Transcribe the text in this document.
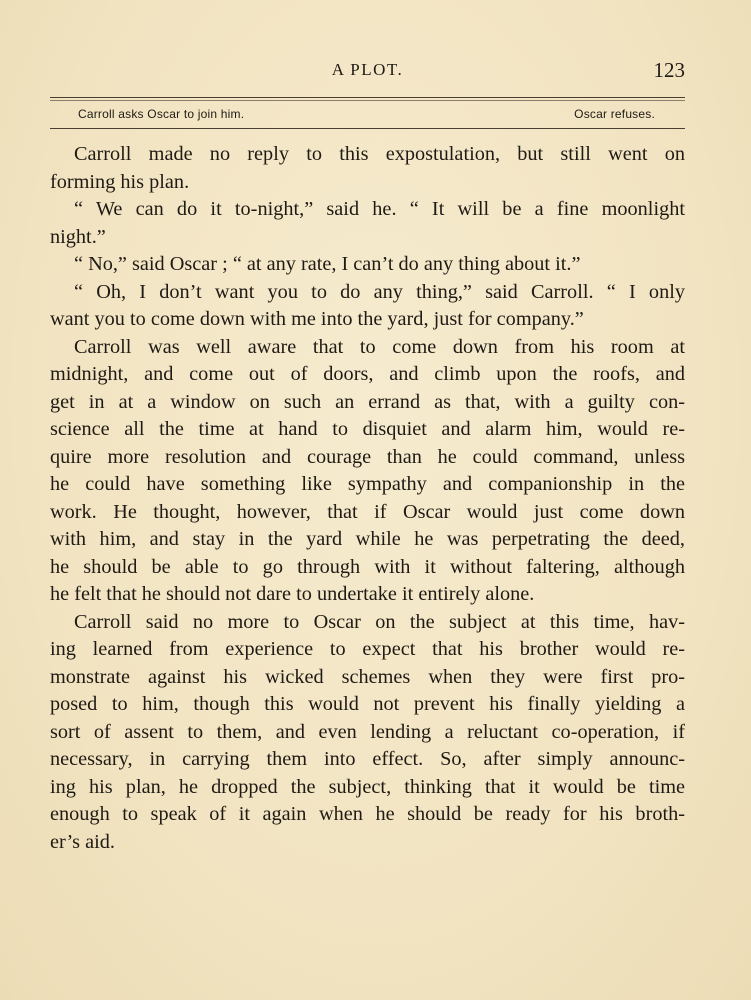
A PLOT.	123
Carroll asks Oscar to join him.	Oscar refuses.
Carroll made no reply to this expostulation, but still went on
forming his plan.
“ We can do it to-night,” said he. “ It will be a fine moonlight
night.”
“ No,” said Oscar ; “ at any rate, I can’t do any thing about it.”
“ Oh, I don’t want you to do any thing,” said Carroll. “ I only
want you to come down with me into the yard, just for company.”
Carroll was well aware that to come down from his room at
midnight, and come out of doors, and climb upon the roofs, and
get in at a window on such an errand as that, with a guilty con-
science all the time at hand to disquiet and alarm him, would re-
quire more resolution and courage than he could command, unless
he could have something like sympathy and companionship in the
work. He thought, however, that if Oscar would just come down
with him, and stay in the yard while he was perpetrating the deed,
he should be able to go through with it without faltering, although
he felt that he should not dare to undertake it entirely alone.
Carroll said no more to Oscar on the subject at this time, hav-
ing learned from experience to expect that his brother would re-
monstrate against his wicked schemes when they were first pro-
posed to him, though this would not prevent his finally yielding a
sort of assent to them, and even lending a reluctant co-operation, if
necessary, in carrying them into effect. So, after simply announc-
ing his plan, he dropped the subject, thinking that it would be time
enough to speak of it again when he should be ready for his broth-
er’s aid.
